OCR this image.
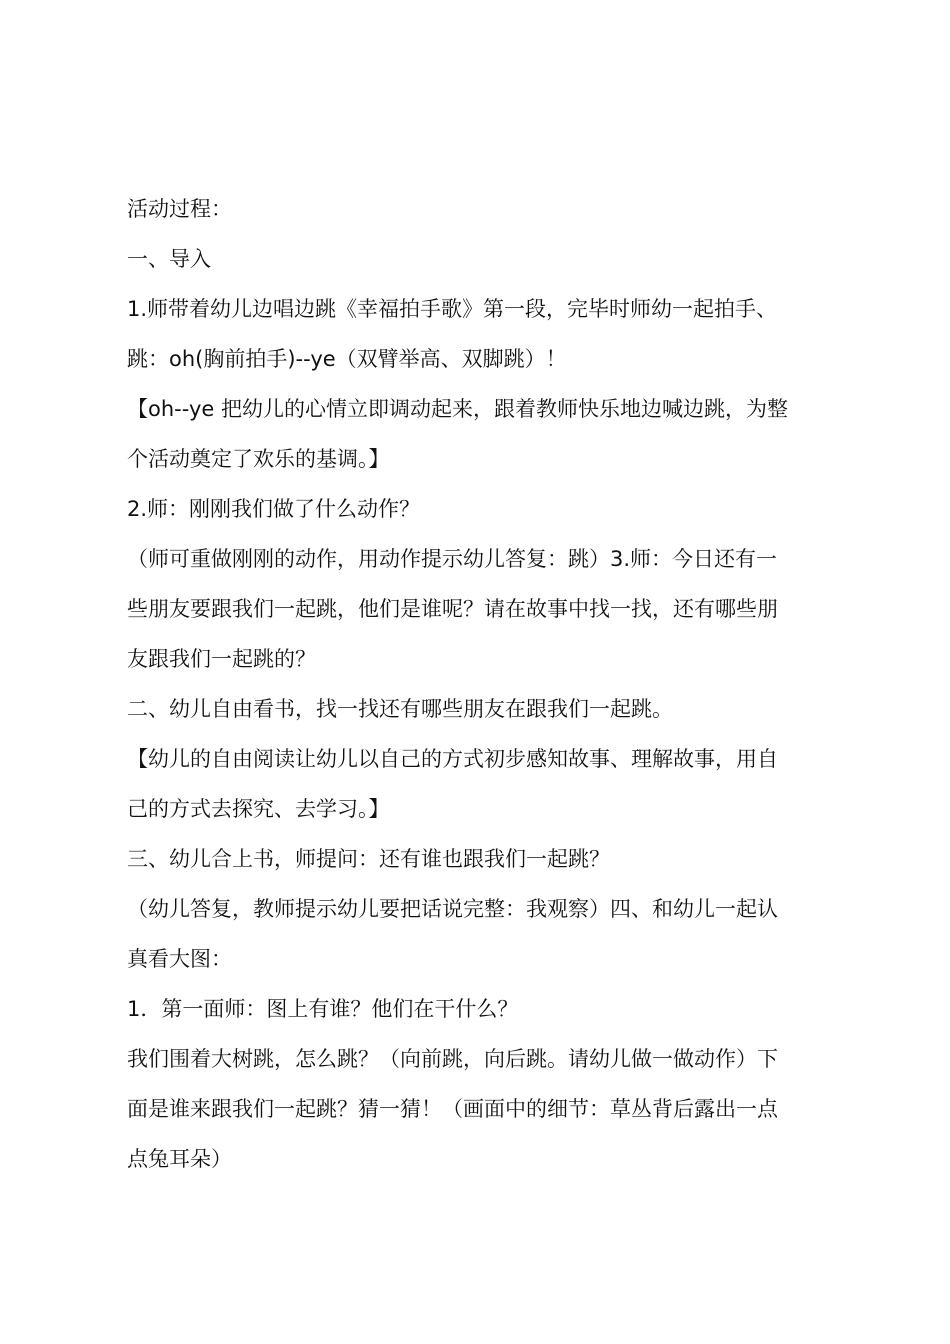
活动过程：
一、导入
1.师带着幼儿边唱边跳《幸福拍手歌》第一段，完毕时师幼一起拍手、
跳：oh(胸前拍手)--ye（双臂举高、双脚跳）！
【oh--ye 把幼儿的心情立即调动起来，跟着教师快乐地边喊边跳，为整
个活动奠定了欢乐的基调。】
2.师：刚刚我们做了什么动作？
（师可重做刚刚的动作，用动作提示幼儿答复：跳）3.师：今日还有一
些朋友要跟我们一起跳，他们是谁呢？请在故事中找一找，还有哪些朋
友跟我们一起跳的？
二、幼儿自由看书，找一找还有哪些朋友在跟我们一起跳。
【幼儿的自由阅读让幼儿以自己的方式初步感知故事、理解故事，用自
己的方式去探究、去学习。】
三、幼儿合上书，师提问：还有谁也跟我们一起跳？
（幼儿答复，教师提示幼儿要把话说完整：我观察）四、和幼儿一起认
真看大图：
1．第一面师：图上有谁？他们在干什么？
我们围着大树跳，怎么跳？（向前跳，向后跳。请幼儿做一做动作）下
面是谁来跟我们一起跳？猜一猜！（画面中的细节：草丛背后露出一点
点兔耳朵）
